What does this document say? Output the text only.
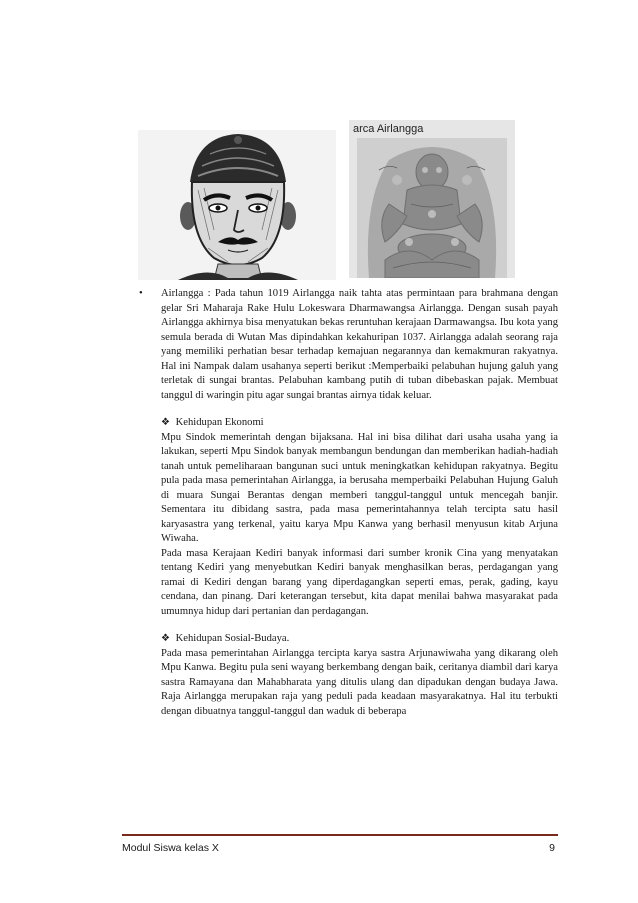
arca Airlangga
• Airlangga : Pada tahun 1019 Airlangga naik tahta atas permintaan para brahmana dengan gelar Sri Maharaja Rake Hulu Lokeswara Dharmawangsa Airlangga. Dengan susah payah Airlangga akhirnya bisa menyatukan bekas reruntuhan kerajaan Darmawangsa. Ibu kota yang semula berada di Wutan Mas dipindahkan kekahuripan 1037. Airlangga adalah seorang raja yang memiliki perhatian besar terhadap kemajuan negarannya dan kemakmuran rakyatnya. Hal ini Nampak dalam usahanya seperti berikut :Memperbaiki pelabuhan hujung galuh yang terletak di sungai brantas. Pelabuhan kambang putih di tuban dibebaskan pajak. Membuat tanggul di waringin pitu agar sungai brantas airnya tidak keluar.

❖ Kehidupan Ekonomi

Mpu Sindok memerintah dengan bijaksana. Hal ini bisa dilihat dari usaha usaha yang ia lakukan, seperti Mpu Sindok banyak membangun bendungan dan memberikan hadiah-hadiah tanah untuk pemeliharaan bangunan suci untuk meningkatkan kehidupan rakyatnya. Begitu pula pada masa pemerintahan Airlangga, ia berusaha memperbaiki Pelabuhan Hujung Galuh di muara Sungai Berantas dengan memberi tanggul-tanggul untuk mencegah banjir. Sementara itu dibidang sastra, pada masa pemerintahannya telah tercipta satu hasil karyasastra yang terkenal, yaitu karya Mpu Kanwa yang berhasil menyusun kitab Arjuna Wiwaha.

Pada masa Kerajaan Kediri banyak informasi dari sumber kronik Cina yang menyatakan tentang Kediri yang menyebutkan Kediri banyak menghasilkan beras, perdagangan yang ramai di Kediri dengan barang yang diperdagangkan seperti emas, perak, gading, kayu cendana, dan pinang. Dari keterangan tersebut, kita dapat menilai bahwa masyarakat pada umumnya hidup dari pertanian dan perdagangan.

❖ Kehidupan Sosial-Budaya.

Pada masa pemerintahan Airlangga tercipta karya sastra Arjunawiwaha yang dikarang oleh Mpu Kanwa. Begitu pula seni wayang berkembang dengan baik, ceritanya diambil dari karya sastra Ramayana dan Mahabharata yang ditulis ulang dan dipadukan dengan budaya Jawa. Raja Airlangga merupakan raja yang peduli pada keadaan masyarakatnya. Hal itu terbukti dengan dibuatnya tanggul-tanggul dan waduk di beberapa

Modul Siswa kelas X	9
